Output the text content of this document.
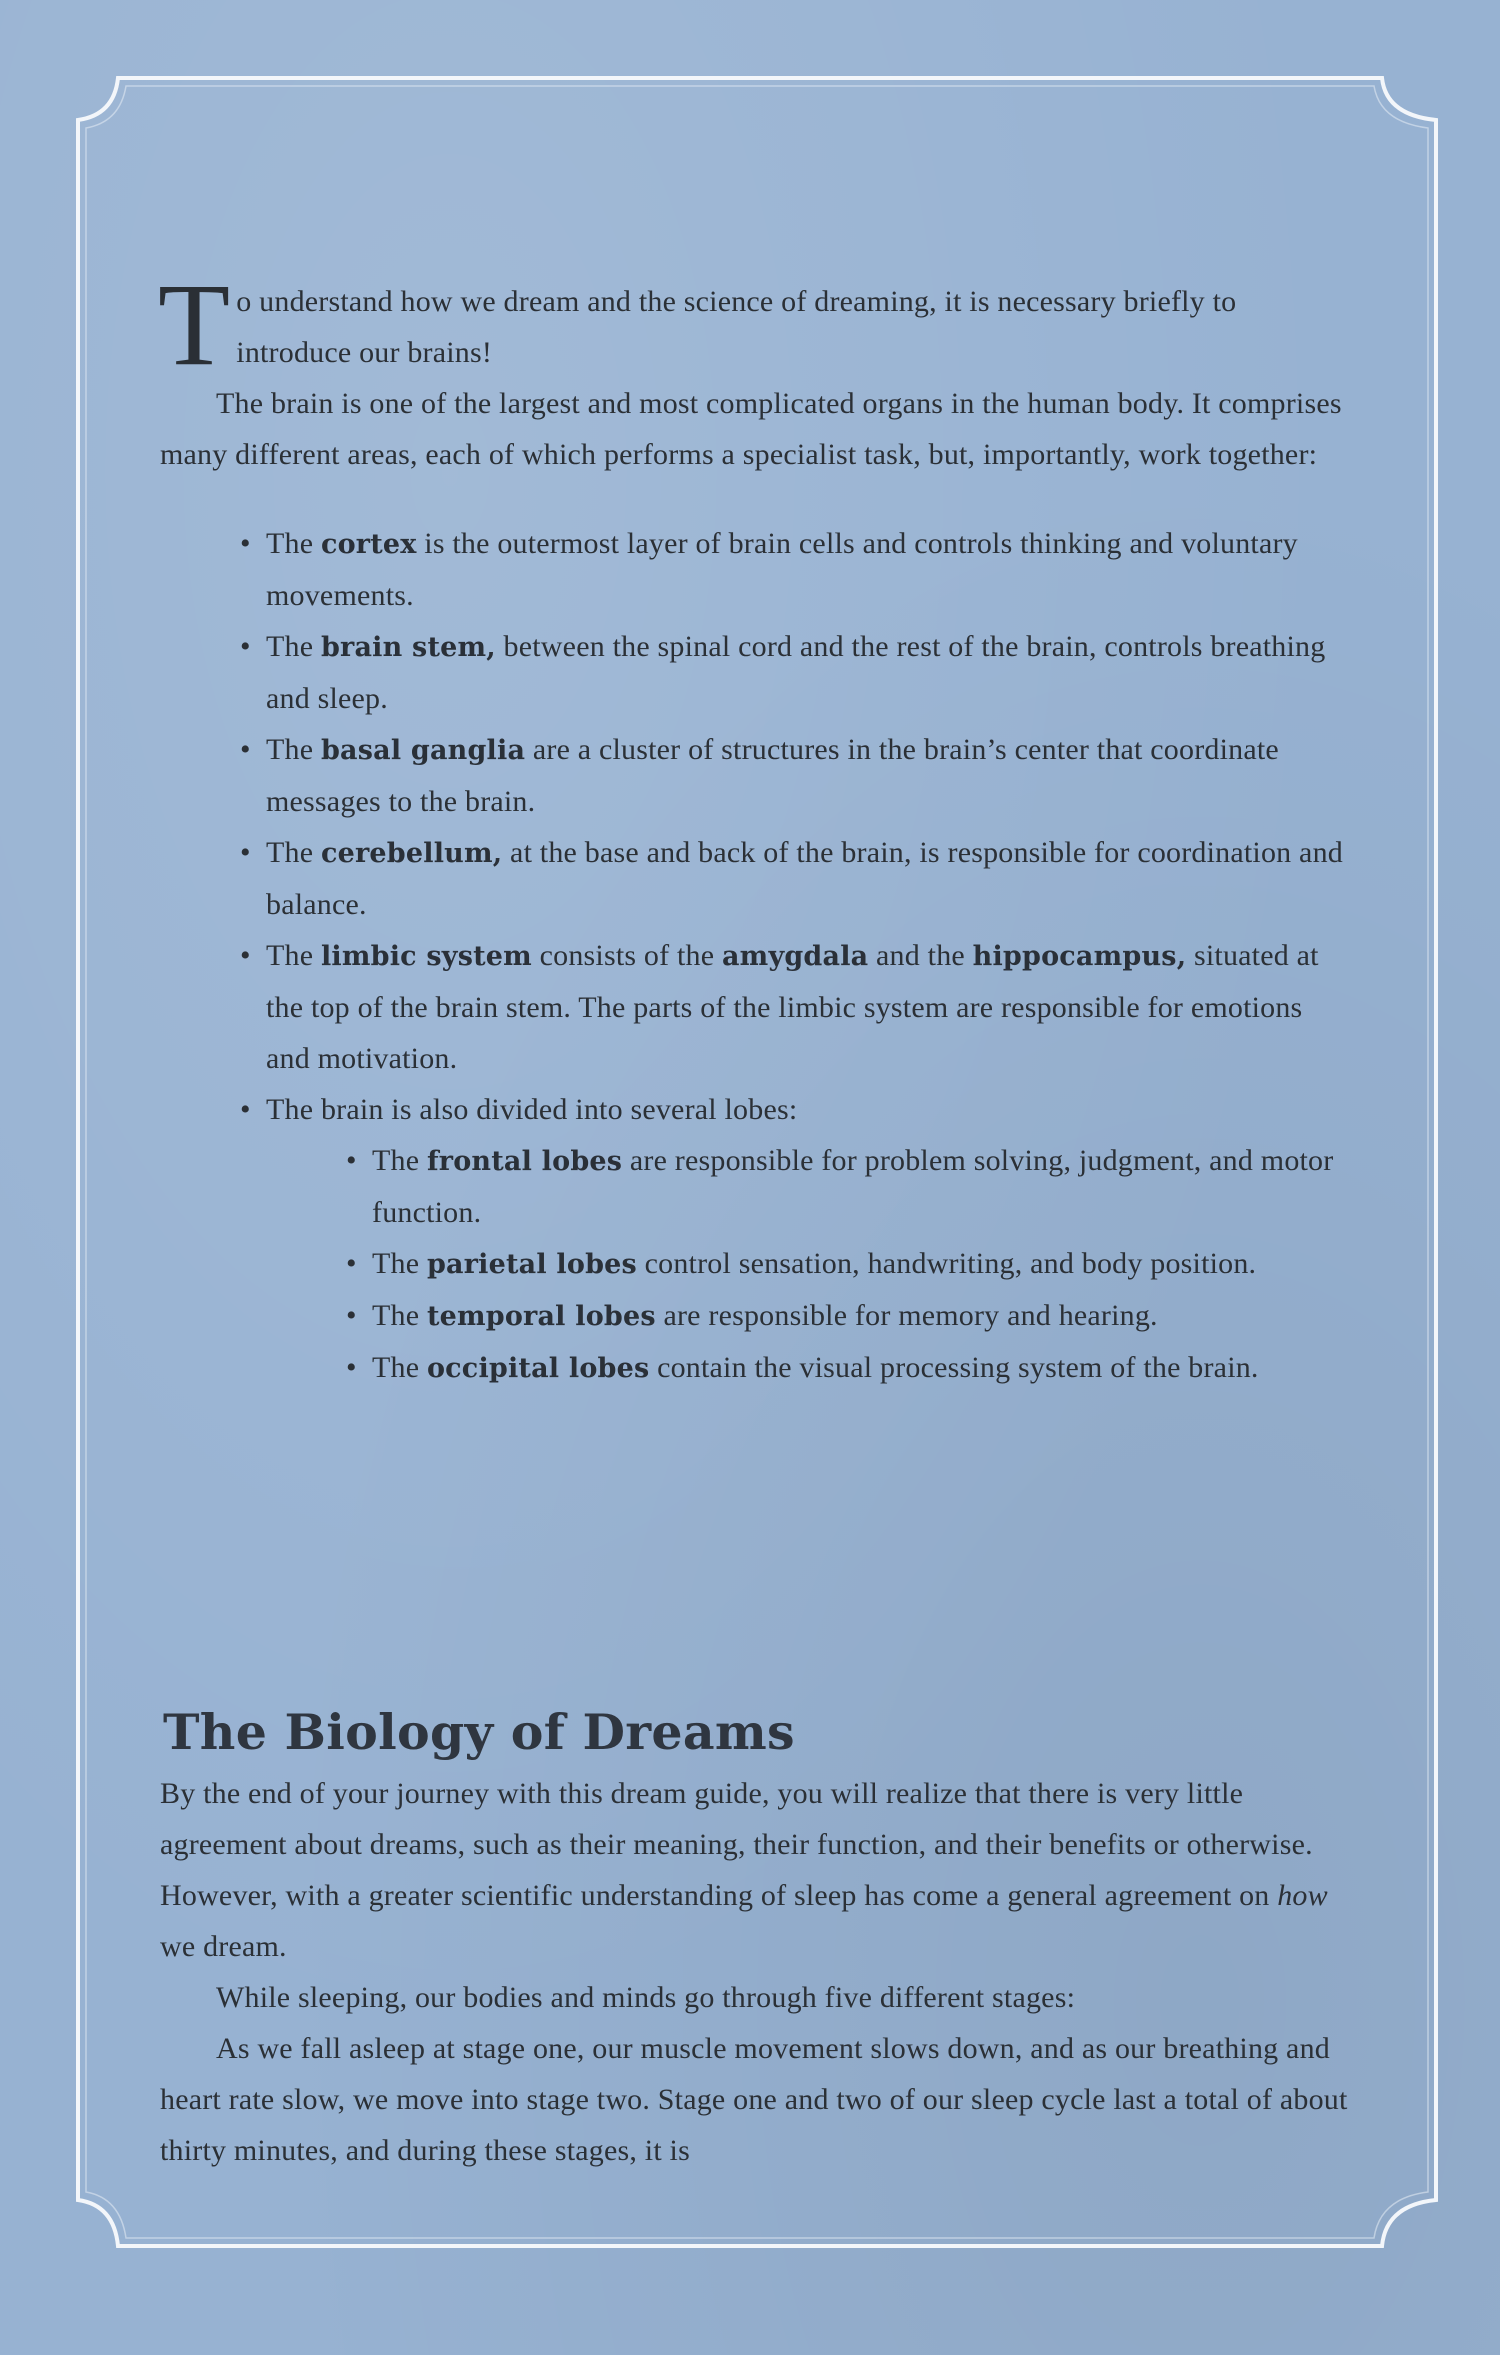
To understand how we dream and the science of dreaming, it is necessary briefly to introduce our brains!

The brain is one of the largest and most complicated organs in the human body. It comprises many different areas, each of which performs a specialist task, but, importantly, work together:

• The cortex is the outermost layer of brain cells and controls thinking and voluntary movements.
• The brain stem, between the spinal cord and the rest of the brain, controls breathing and sleep.
• The basal ganglia are a cluster of structures in the brain’s center that coordinate messages to the brain.
• The cerebellum, at the base and back of the brain, is responsible for coordination and balance.
• The limbic system consists of the amygdala and the hippocampus, situated at the top of the brain stem. The parts of the limbic system are responsible for emotions and motivation.
• The brain is also divided into several lobes:
• The frontal lobes are responsible for problem solving, judgment, and motor function.
• The parietal lobes control sensation, handwriting, and body position.
• The temporal lobes are responsible for memory and hearing.
• The occipital lobes contain the visual processing system of the brain.
The Biology of Dreams

By the end of your journey with this dream guide, you will realize that there is very little agreement about dreams, such as their meaning, their function, and their benefits or otherwise. However, with a greater scientific understanding of sleep has come a general agreement on how we dream.

While sleeping, our bodies and minds go through five different stages:

As we fall asleep at stage one, our muscle movement slows down, and as our breathing and heart rate slow, we move into stage two. Stage one and two of our sleep cycle last a total of about thirty minutes, and during these stages, it is
